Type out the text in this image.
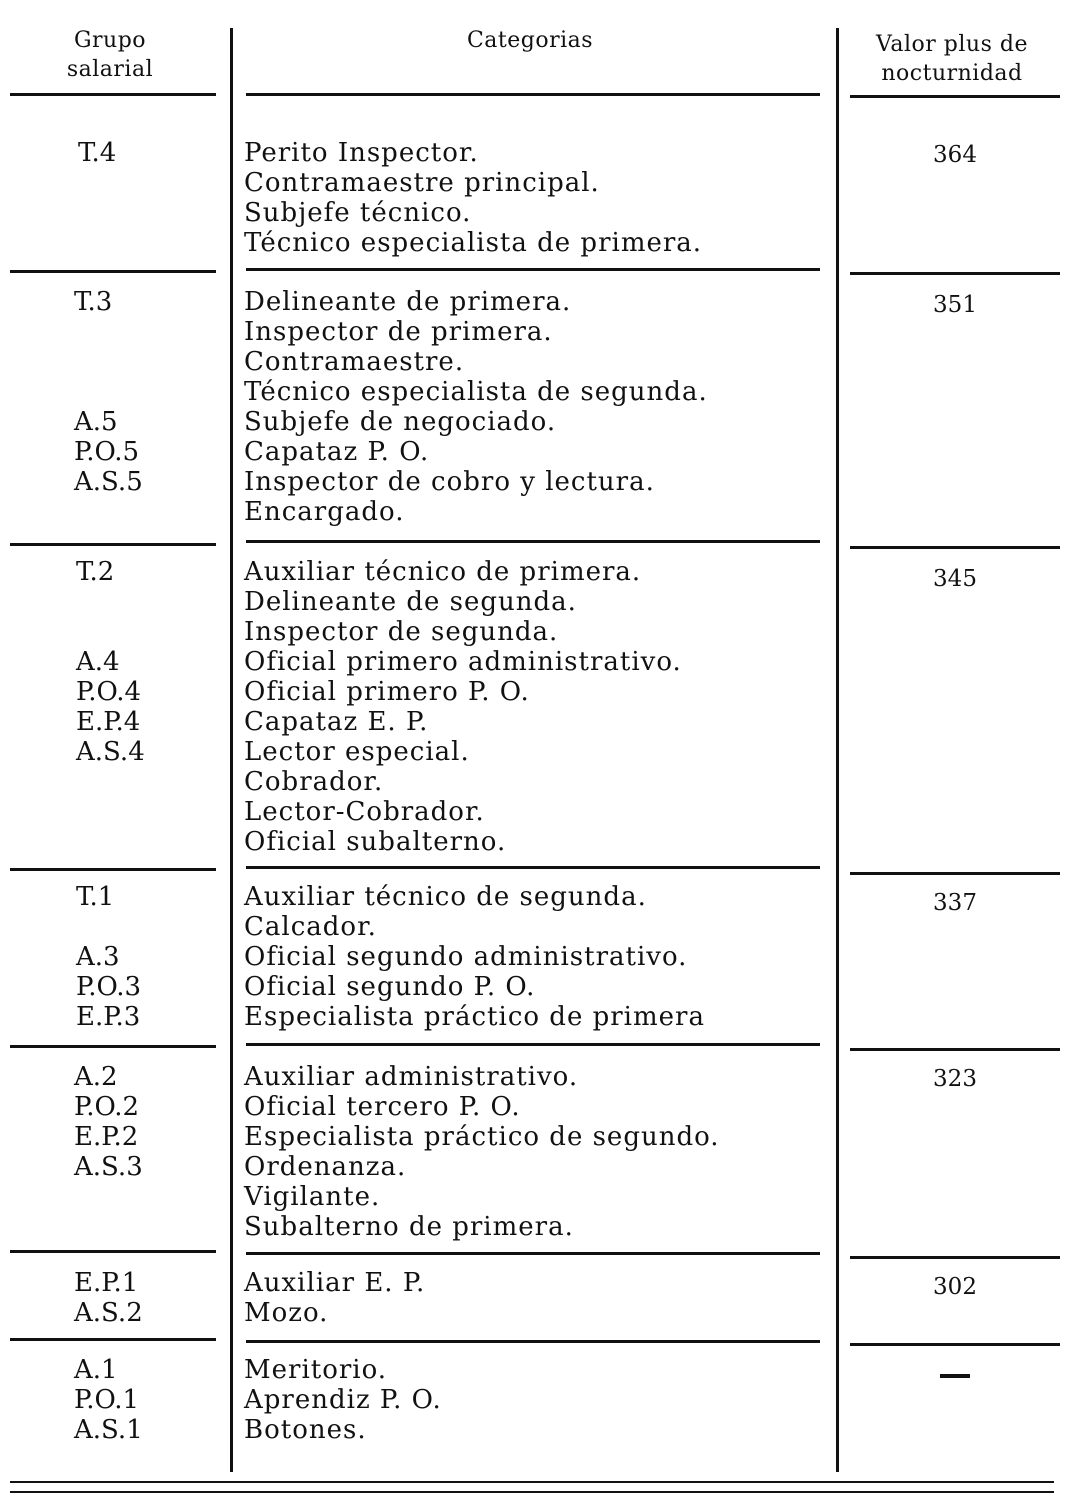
Grupo
salarial
Categorias	Valor plus de
nocturnidad
T.4	Perito Inspector.
Contramaestre principal.
Subjefe técnico.
Técnico especialista de primera.
364
T.3
A.5
P.O.5
A.S.5
Delineante de primera.
Inspector de primera.
Contramaestre.
Técnico especialista de segunda.
Subjefe de negociado.
Capataz P. O.
Inspector de cobro y lectura.
Encargado.
351
T.2
A.4
P.O.4
E.P.4
A.S.4
Auxiliar técnico de primera.
Delineante de segunda.
Inspector de segunda.
Oficial primero administrativo.
Oficial primero P. O.
Capataz E. P.
Lector especial.
Cobrador.
Lector-Cobrador.
Oficial subalterno.
345
T.1
A.3
P.O.3
E.P.3
Auxiliar técnico de segunda.
Calcador.
Oficial segundo administrativo.
Oficial segundo P. O.
Especialista práctico de primera
337
A.2
P.O.2
E.P.2
A.S.3
Auxiliar administrativo.
Oficial tercero P. O.
Especialista práctico de segundo.
Ordenanza.
Vigilante.
Subalterno de primera.
323
E.P.1
A.S.2
Auxiliar E. P.
Mozo.
302
A.1
P.O.1
A.S.1
Meritorio.
Aprendiz P. O.
Botones.
